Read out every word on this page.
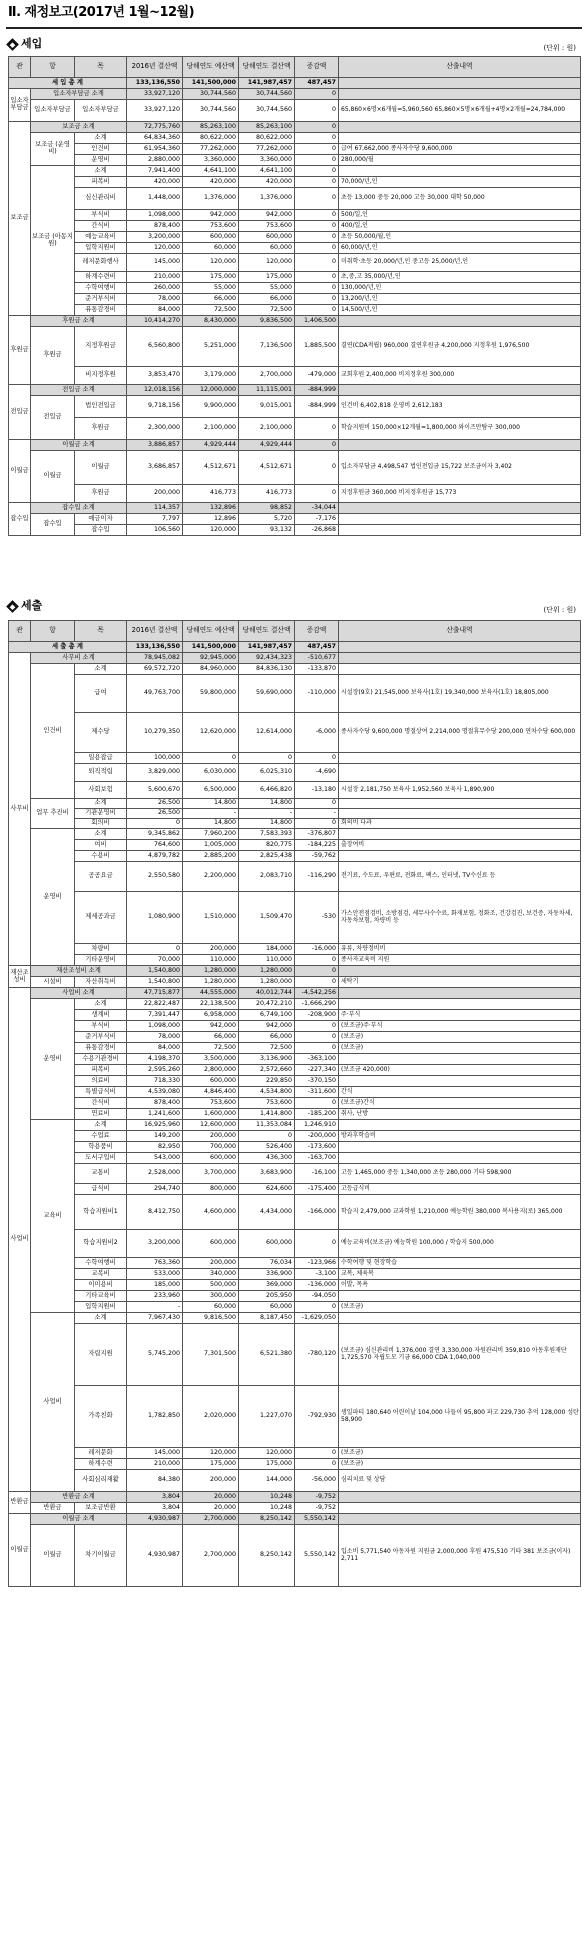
Ⅱ. 재정보고(2017년 1월~12월)
세입	(단위 : 원)
관	항	목	2016년 결산액	당해연도 예산액	당해연도 결산액	증감액	산출내역
세 입 총 계			133,136,550	141,500,000	141,987,457	487,457	
입소자부담금	입소자부담금 소계		33,927,120	30,744,560	30,744,560	0	
	입소자부담금	입소자부담금	33,927,120	30,744,560	30,744,560	0	65,860×6명×6개월=5,960,560 65,860×5명×6개월+4명×2개월=24,784,000
보조금	보조금 소계		72,775,760	85,263,100	85,263,100	0	
	보조금 (운영비)	소계	64,834,360	80,622,000	80,622,000	0	
		인건비	61,954,360	77,262,000	77,262,000	0	급여 67,662,000 종사자수당 9,600,000
		운영비	2,880,000	3,360,000	3,360,000	0	280,000/월
	보조금 (아동지원)	소계	7,941,400	4,641,100	4,641,100	0	
		피복비	420,000	420,000	420,000	0	70,000/년,인
		심신관리비	1,448,000	1,376,000	1,376,000	0	초등 13,000 중등 20,000 고등 30,000 대학 50,000
		부식비	1,098,000	942,000	942,000	0	500/일,인
		간식비	878,400	753,600	753,600	0	400/일,인
		예능교육비	3,200,000	600,000	600,000	0	초등 50,000/월,인
		입학지원비	120,000	60,000	60,000	0	60,000/년,인
		레저문화행사	145,000	120,000	120,000	0	미취학·초등 20,000/년,인 중고등 25,000/년,인
		하계수련비	210,000	175,000	175,000	0	초,중,고 35,000/년,인
		수학여행비	260,000	55,000	55,000	0	130,000/년,인
		준거부식비	78,000	66,000	66,000	0	13,200/년,인
		퓨통감경비	84,000	72,500	72,500	0	14,500/년,인
후원금	후원금 소계		10,414,270	8,430,000	9,836,500	1,406,500	
	후원금	지정후원금	6,560,800	5,251,000	7,136,500	1,885,500	결연(CDA적립) 960,000 결연후원금 4,200,000 지정후원 1,976,500
		비지정후원	3,853,470	3,179,000	2,700,000	-479,000	교회후원 2,400,000 비지정후원 300,000
전입금	전입금 소계		12,018,156	12,000,000	11,115,001	-884,999	
	전입금	법인전입금	9,718,156	9,900,000	9,015,001	-884,999	인건비 6,402,818 운영비 2,612,183
		후원금	2,300,000	2,100,000	2,100,000	0	학습지원비 150,000×12개월=1,800,000 와이즈만탐구 300,000
이월금	이월금 소계		3,886,857	4,929,444	4,929,444	0	
	이월금	이월금	3,686,857	4,512,671	4,512,671	0	입소자부담금 4,498,547 법인전입금 15,722 보조금이자 3,402
		후원금	200,000	416,773	416,773	0	지정후원금 360,000 비지정후원금 15,773
잡수입	잡수입 소계		114,357	132,896	98,852	-34,044	
	잡수입	예금이자	7,797	12,896	5,720	-7,176	
		잡수입	106,560	120,000	93,132	-26,868	
세출	(단위 : 원)
관	항	목	2016년 결산액	당해연도 예산액	당해연도 결산액	증감액	산출내역
세 출 총 계			133,136,550	141,500,000	141,987,457	487,457	
사무비	사무비 소계		78,945,082	92,945,000	92,434,323	-510,677	
	인건비	소계	69,572,720	84,960,000	84,836,130	-133,870	
		급여	49,763,700	59,800,000	59,690,000	-110,000	시설장(9호) 21,545,000 보육사(1호) 19,340,000 보육사(1호) 18,805,000
		제수당	10,279,350	12,620,000	12,614,000	-6,000	종사자수당 9,600,000 명절상여 2,214,000 명절휴무수당 200,000 연차수당 600,000
		일용잡급	100,000	0	0	0	
		퇴직적립	3,829,000	6,030,000	6,025,310	-4,690	
		사회보험	5,600,670	6,500,000	6,466,820	-13,180	시설장 2,181,750 보육사 1,952,560 보육사 1,890,900
	업무 추진비	소계	26,500	14,800	14,800	0	
		기관운영비	26,500	-	-	-	
		회의비	0	14,800	14,800	0	회의비 다과
	운영비	소계	9,345,862	7,960,200	7,583,393	-376,807	
		여비	764,600	1,005,000	820,775	-184,225	출장여비
		수용비	4,879,782	2,885,200	2,825,438	-59,762	
		공공요금	2,550,580	2,200,000	2,083,710	-116,290	전기료, 수도료, 우편료, 전화료, 팩스, 인터넷, TV수신료 등
		제세공과금	1,080,900	1,510,000	1,509,470	-530	가스안전점검비, 소방점검, 세무사수수료, 화재보험, 정화조, 건강검진, 보건증, 자동차세, 자동차보험, 차량비 등
		차량비	0	200,000	184,000	-16,000	유류, 차량정비비
		기타운영비	70,000	110,000	110,000	0	종사자교육비 지원
재산조성비	재산조성비 소계		1,540,800	1,280,000	1,280,000	0	
	시설비	자산취득비	1,540,800	1,280,000	1,280,000	0	세탁기
사업비	사업비 소계		47,715,877	44,555,000	40,012,744	-4,542,256	
	운영비	소계	22,822,487	22,138,500	20,472,210	-1,666,290	
		생계비	7,391,447	6,958,000	6,749,100	-208,900	주·부식
		부식비	1,098,000	942,000	942,000	0	(보조금)주·부식
		준거부식비	78,000	66,000	66,000	0	(보조금)
		퓨통감경비	84,000	72,500	72,500	0	(보조금)
		수용기관경비	4,198,370	3,500,000	3,136,900	-363,100	
		피복비	2,595,260	2,800,000	2,572,660	-227,340	(보조금 420,000)
		의료비	718,330	600,000	229,850	-370,150	
		특별급식비	4,539,080	4,846,400	4,534,800	-311,600	간식
		간식비	878,400	753,600	753,600	0	(보조금)간식
		연료비	1,241,600	1,600,000	1,414,800	-185,200	취사, 난방
	교육비	소계	16,925,960	12,600,000	11,353,084	1,246,910	
		수업료	149,200	200,000	0	-200,000	방과후학습비
		학용품비	82,950	700,000	526,400	-173,600	
		도서구입비	543,000	600,000	436,300	-163,700	
		교통비	2,528,000	3,700,000	3,683,900	-16,100	고등 1,465,000 중등 1,340,000 초등 280,000 기타 598,900
		급식비	294,740	800,000	624,600	-175,400	고등급식비
		학습지원비1	8,412,750	4,600,000	4,434,000	-166,000	학습지 2,479,000 교과학원 1,210,000 예능학원 380,000 복사용지(로) 365,000
		학습지원비2	3,200,000	600,000	600,000	0	예능교육비(보조금) 예능학원 100,000 / 학습지 500,000
		수학여행비	763,360	200,000	76,034	-123,966	수학여행 및 현장학습
		교복비	533,000	340,000	336,900	-3,100	교복, 체육복
		이미용비	185,000	500,000	369,000	-136,000	이발, 목욕
		기타교육비	233,960	300,000	205,950	-94,050	
		입학지원비	-	60,000	60,000	0	(보조금)
	사업비	소계	7,967,430	9,816,500	8,187,450	-1,629,050	
		자립지원	5,745,200	7,301,500	6,521,380	-780,120	(보조금) 심신관리비 1,376,000 결연 3,330,000 자원관리비 359,810 아동후원재단 1,725,570 자립도모 기금 66,000 CDA 1,040,000
		가족친화	1,782,850	2,020,000	1,227,070	-792,930	생일파티 180,640 어린이날 104,000 나들이 95,800 파고 229,730 추억 128,000 성탄 58,900
		레저문화	145,000	120,000	120,000	0	(보조금)
		하계수련	210,000	175,000	175,000	0	(보조금)
		사회심리재활	84,380	200,000	144,000	-56,000	심리치료 및 상담
반환금	반환금 소계		3,804	20,000	10,248	-9,752	
	반환금	보조금반환	3,804	20,000	10,248	-9,752	
이월금	이월금 소계		4,930,987	2,700,000	8,250,142	5,550,142	
	이월금	차기이월금	4,930,987	2,700,000	8,250,142	5,550,142	입소비 5,771,540 아동자원 지원금 2,000,000 후원 475,510 기타 381 보조금(이자) 2,711
